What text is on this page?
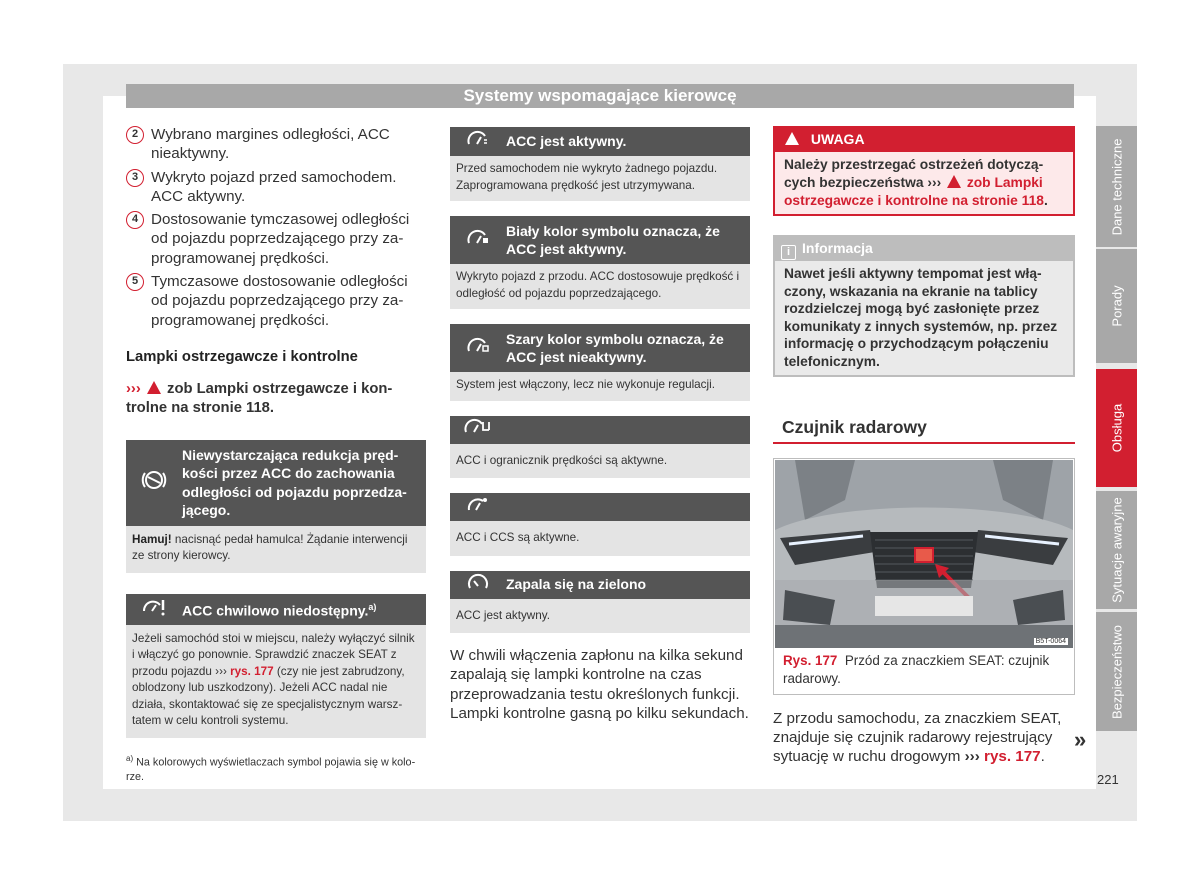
Systemy wspomagające kierowcę
2 Wybrano margines odległości, ACC nieaktywny.
3 Wykryto pojazd przed samochodem. ACC aktywny.
4 Dostosowanie tymczasowej odległości od pojazdu poprzedzającego przy zaprogramowanej prędkości.
5 Tymczasowe dostosowanie odległości od pojazdu poprzedzającego przy zaprogramowanej prędkości.
Lampki ostrzegawcze i kontrolne
››› zob Lampki ostrzegawcze i kontrolne na stronie 118.
Niewystarczająca redukcja prędkości przez ACC do zachowania odległości od pojazdu poprzedzającego.
Hamuj! nacisnąć pedał hamulca! Żądanie interwencji ze strony kierowcy.
ACC chwilowo niedostępny.$^{a)}$
Jeżeli samochód stoi w miejscu, należy wyłączyć silnik i włączyć go ponownie. Sprawdzić znaczek SEAT z przodu pojazdu ››› rys. 177 (czy nie jest zabrudzony, oblodzony lub uszkodzony). Jeżeli ACC nadal nie działa, skontaktować się ze specjalistycznym warsztatem w celu kontroli systemu.
$^{a)}$ Na kolorowych wyświetlaczach symbol pojawia się w kolorze.
ACC jest aktywny.
Przed samochodem nie wykryto żadnego pojazdu. Zaprogramowana prędkość jest utrzymywana.
Biały kolor symbolu oznacza, że ACC jest aktywny.
Wykryto pojazd z przodu. ACC dostosowuje prędkość i odległość od pojazdu poprzedzającego.
Szary kolor symbolu oznacza, że ACC jest nieaktywny.
System jest włączony, lecz nie wykonuje regulacji.
ACC i ogranicznik prędkości są aktywne.
ACC i CCS są aktywne.
Zapala się na zielono
ACC jest aktywny.
W chwili włączenia zapłonu na kilka sekund zapalają się lampki kontrolne na czas przeprowadzania testu określonych funkcji. Lampki kontrolne gasną po kilku sekundach.
UWAGA
Należy przestrzegać ostrzeżeń dotyczących bezpieczeństwa ›››  zob Lampki ostrzegawcze i kontrolne na stronie 118.
i Informacja
Nawet jeśli aktywny tempomat jest włączony, wskazania na ekranie na tablicy rozdzielczej mogą być zasłonięte przez komunikaty z innych systemów, np. przez informację o przychodzącym połączeniu telefonicznym.
Czujnik radarowy
B5T-0064
Rys. 177 Przód za znaczkiem SEAT: czujnik radarowy.
Z przodu samochodu, za znaczkiem SEAT, znajduje się czujnik radarowy rejestrujący sytuację w ruchu drogowym ››› rys. 177.
»
221
Dane techniczne
Porady
Obsługa
Sytuacje awaryjne
Bezpieczeństwo
